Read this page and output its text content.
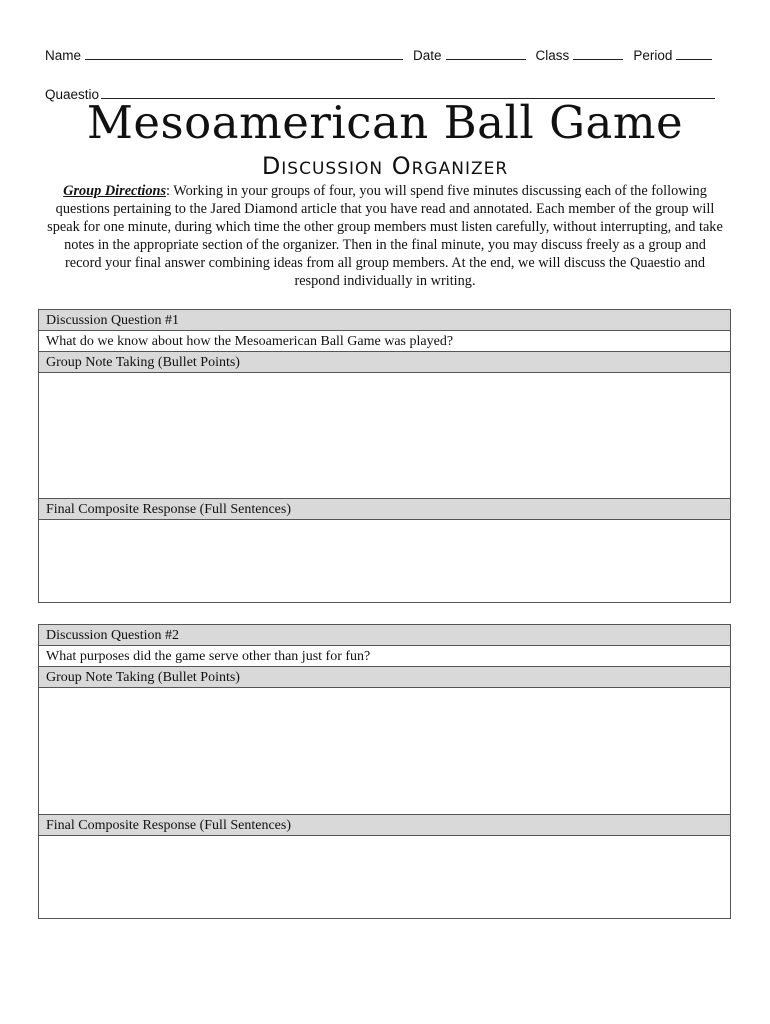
Name	Date	Class	Period
Quaestio
Mesoamerican Ball Game
Discussion Organizer
Group Directions: Working in your groups of four, you will spend five minutes discussing each of the following questions pertaining to the Jared Diamond article that you have read and annotated. Each member of the group will speak for one minute, during which time the other group members must listen carefully, without interrupting, and take notes in the appropriate section of the organizer. Then in the final minute, you may discuss freely as a group and record your final answer combining ideas from all group members. At the end, we will discuss the Quaestio and respond individually in writing.
Discussion Question #1
What do we know about how the Mesoamerican Ball Game was played?
Group Note Taking (Bullet Points)
Final Composite Response (Full Sentences)
Discussion Question #2
What purposes did the game serve other than just for fun?
Group Note Taking (Bullet Points)
Final Composite Response (Full Sentences)
